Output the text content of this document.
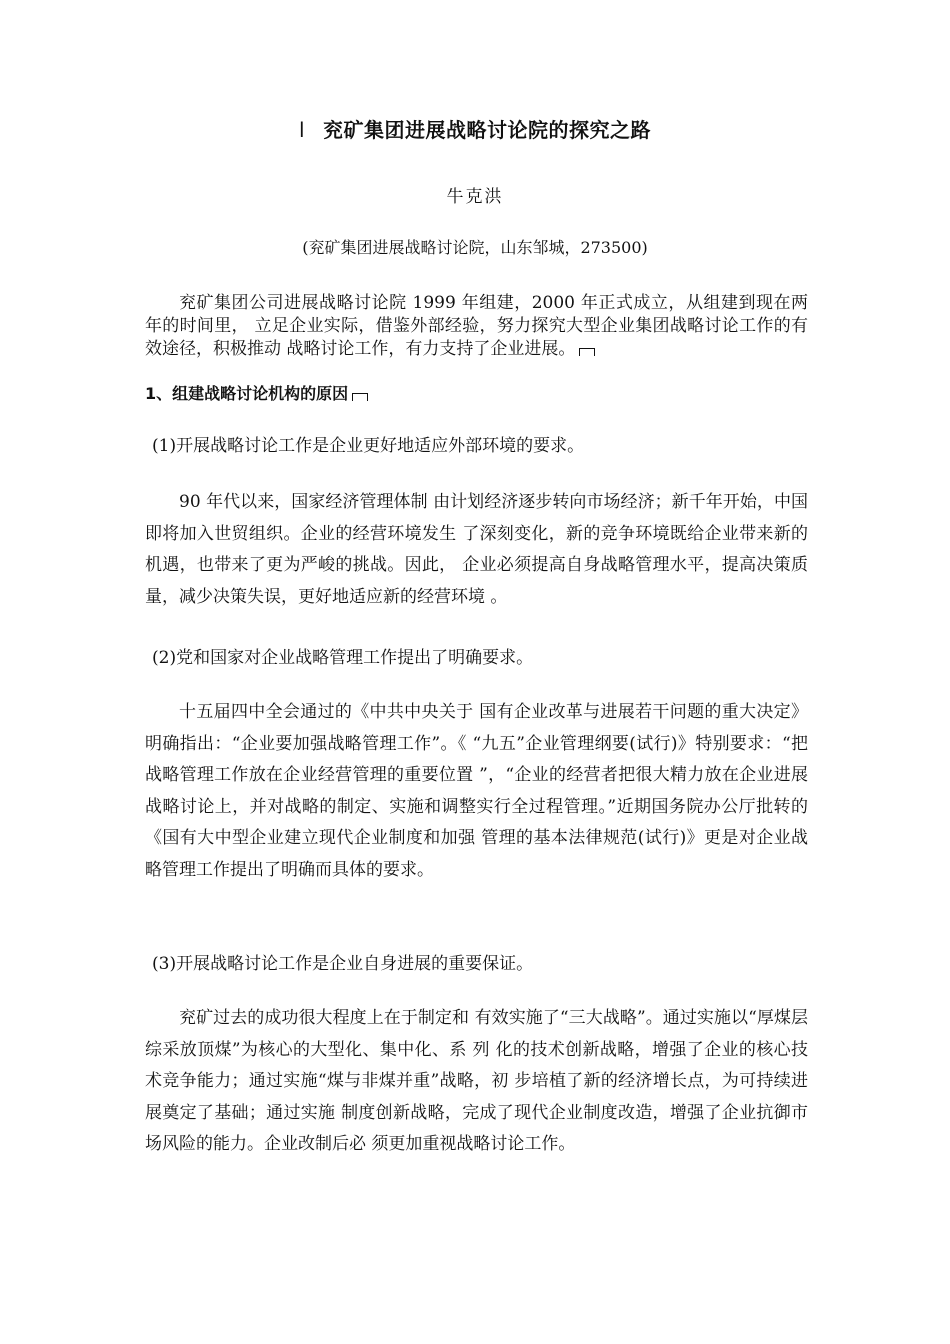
l 兖矿集团进展战略讨论院的探究之路
牛克洪
(兖矿集团进展战略讨论院，山东邹城，273500)
兖矿集团公司进展战略讨论院 1999 年组建，2000 年正式成立，从组建到现在两年的时间里， 立足企业实际，借鉴外部经验，努力探究大型企业集团战略讨论工作的有效途径，积极推动 战略讨论工作，有力支持了企业进展。
1、组建战略讨论机构的原因
(1)开展战略讨论工作是企业更好地适应外部环境的要求。
90 年代以来，国家经济管理体制 由计划经济逐步转向市场经济；新千年开始，中国即将加入世贸组织。企业的经营环境发生 了深刻变化，新的竞争环境既给企业带来新的机遇，也带来了更为严峻的挑战。因此， 企业必须提高自身战略管理水平，提高决策质量，减少决策失误，更好地适应新的经营环境 。
(2)党和国家对企业战略管理工作提出了明确要求。
十五届四中全会通过的《中共中央关于 国有企业改革与进展若干问题的重大决定》明确指出：“企业要加强战略管理工作”。《 “九五”企业管理纲要(试行)》特别要求：“把战略管理工作放在企业经营管理的重要位置 ”，“企业的经营者把很大精力放在企业进展战略讨论上，并对战略的制定、实施和调整实行全过程管理。”近期国务院办公厅批转的《国有大中型企业建立现代企业制度和加强 管理的基本法律规范(试行)》更是对企业战略管理工作提出了明确而具体的要求。
(3)开展战略讨论工作是企业自身进展的重要保证。
兖矿过去的成功很大程度上在于制定和 有效实施了“三大战略”。通过实施以“厚煤层综采放顶煤”为核心的大型化、集中化、系 列 化的技术创新战略，增强了企业的核心技术竞争能力；通过实施“煤与非煤并重”战略，初 步培植了新的经济增长点，为可持续进展奠定了基础；通过实施 制度创新战略，完成了现代企业制度改造，增强了企业抗御市场风险的能力。企业改制后必 须更加重视战略讨论工作。
